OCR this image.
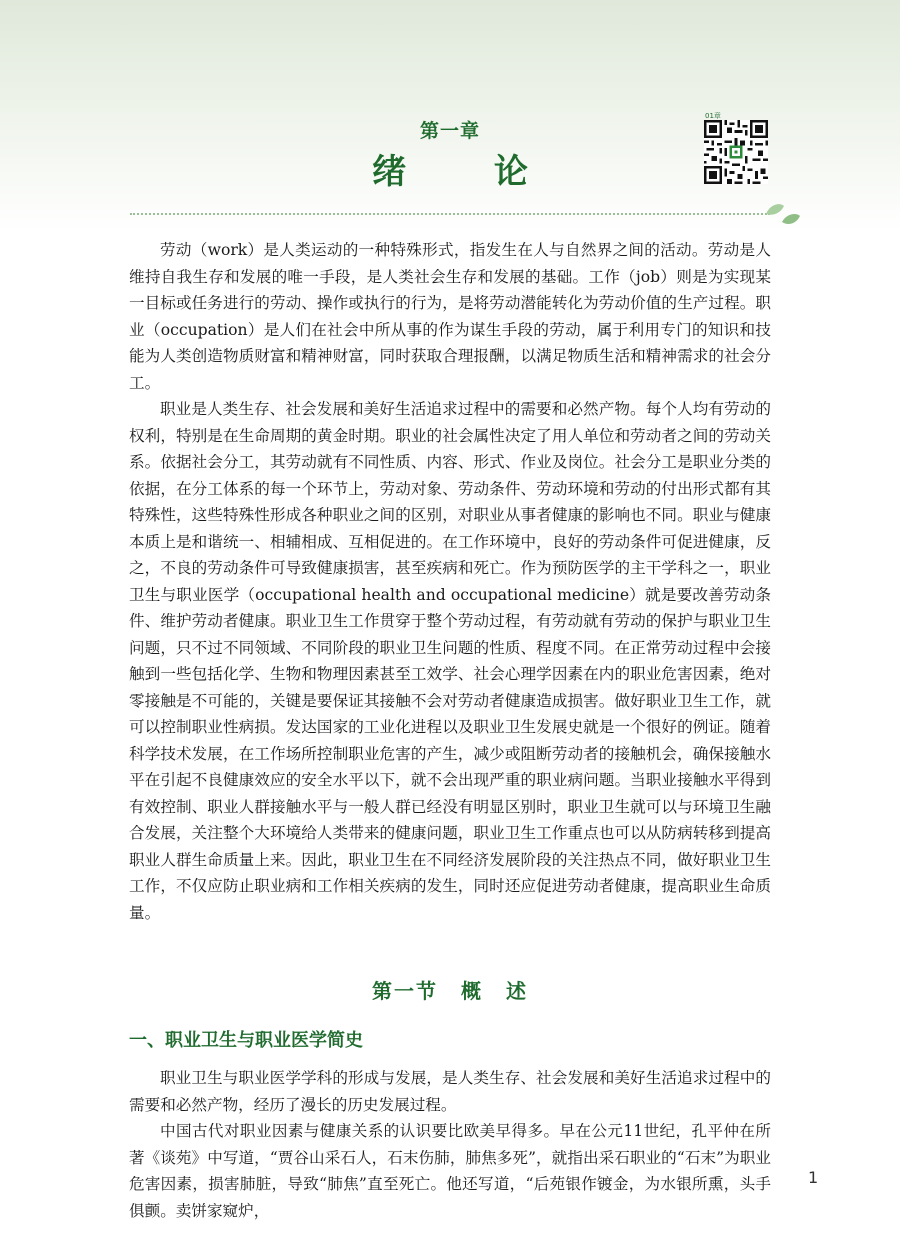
第一章
绪 论
01章

劳动（work）是人类运动的一种特殊形式，指发生在人与自然界之间的活动。劳动是人维持自我生存和发展的唯一手段，是人类社会生存和发展的基础。工作（job）则是为实现某一目标或任务进行的劳动、操作或执行的行为，是将劳动潜能转化为劳动价值的生产过程。职业（occupation）是人们在社会中所从事的作为谋生手段的劳动，属于利用专门的知识和技能为人类创造物质财富和精神财富，同时获取合理报酬，以满足物质生活和精神需求的社会分工。

职业是人类生存、社会发展和美好生活追求过程中的需要和必然产物。每个人均有劳动的权利，特别是在生命周期的黄金时期。职业的社会属性决定了用人单位和劳动者之间的劳动关系。依据社会分工，其劳动就有不同性质、内容、形式、作业及岗位。社会分工是职业分类的依据，在分工体系的每一个环节上，劳动对象、劳动条件、劳动环境和劳动的付出形式都有其特殊性，这些特殊性形成各种职业之间的区别，对职业从事者健康的影响也不同。职业与健康本质上是和谐统一、相辅相成、互相促进的。在工作环境中，良好的劳动条件可促进健康，反之，不良的劳动条件可导致健康损害，甚至疾病和死亡。作为预防医学的主干学科之一，职业卫生与职业医学（occupational health and occupational medicine）就是要改善劳动条件、维护劳动者健康。职业卫生工作贯穿于整个劳动过程，有劳动就有劳动的保护与职业卫生问题，只不过不同领域、不同阶段的职业卫生问题的性质、程度不同。在正常劳动过程中会接触到一些包括化学、生物和物理因素甚至工效学、社会心理学因素在内的职业危害因素，绝对零接触是不可能的，关键是要保证其接触不会对劳动者健康造成损害。做好职业卫生工作，就可以控制职业性病损。发达国家的工业化进程以及职业卫生发展史就是一个很好的例证。随着科学技术发展，在工作场所控制职业危害的产生，减少或阻断劳动者的接触机会，确保接触水平在引起不良健康效应的安全水平以下，就不会出现严重的职业病问题。当职业接触水平得到有效控制、职业人群接触水平与一般人群已经没有明显区别时，职业卫生就可以与环境卫生融合发展，关注整个大环境给人类带来的健康问题，职业卫生工作重点也可以从防病转移到提高职业人群生命质量上来。因此，职业卫生在不同经济发展阶段的关注热点不同，做好职业卫生工作，不仅应防止职业病和工作相关疾病的发生，同时还应促进劳动者健康，提高职业生命质量。

第一节 概 述
一、职业卫生与职业医学简史

职业卫生与职业医学学科的形成与发展，是人类生存、社会发展和美好生活追求过程中的需要和必然产物，经历了漫长的历史发展过程。

中国古代对职业因素与健康关系的认识要比欧美早得多。早在公元11世纪，孔平仲在所著《谈苑》中写道，“贾谷山采石人，石末伤肺，肺焦多死”，就指出采石职业的“石末”为职业危害因素，损害肺脏，导致“肺焦”直至死亡。他还写道，“后苑银作镀金，为水银所熏，头手俱颤。卖饼家窥炉，

1
